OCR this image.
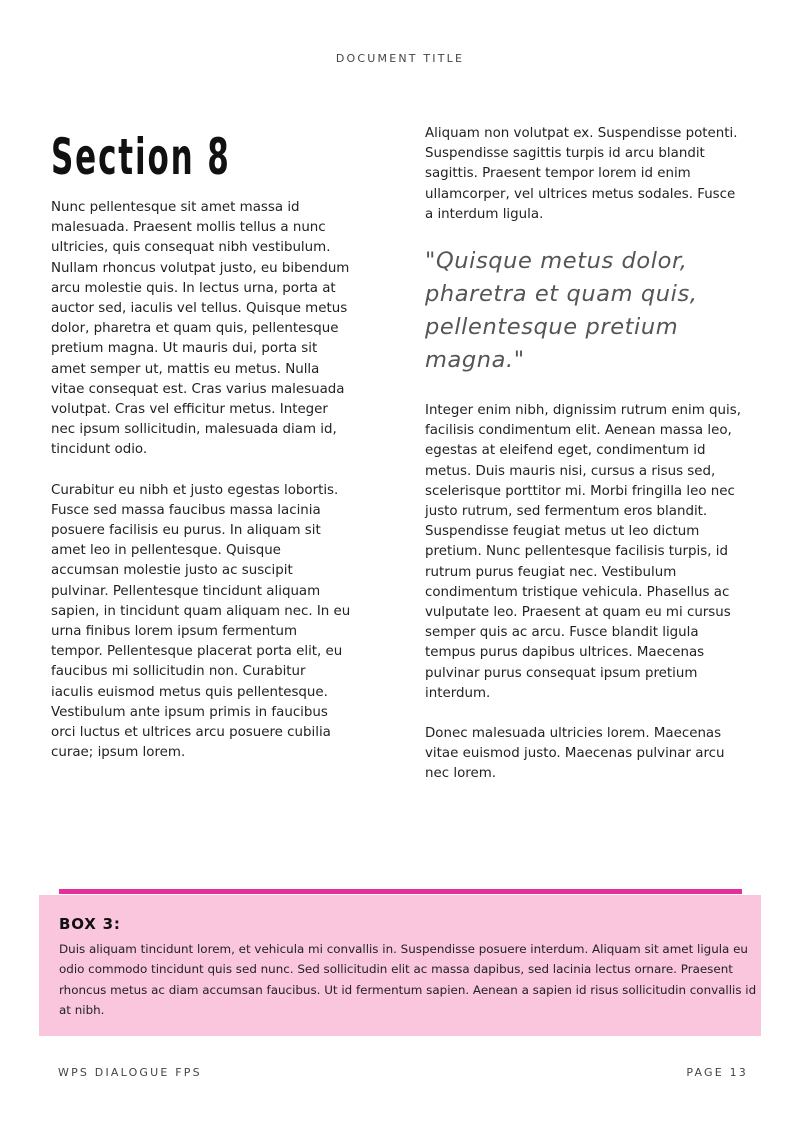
DOCUMENT TITLE
Section 8

Nunc pellentesque sit amet massa id malesuada. Praesent mollis tellus a nunc ultricies, quis consequat nibh vestibulum. Nullam rhoncus volutpat justo, eu bibendum arcu molestie quis. In lectus urna, porta at auctor sed, iaculis vel tellus. Quisque metus dolor, pharetra et quam quis, pellentesque pretium magna. Ut mauris dui, porta sit amet semper ut, mattis eu metus. Nulla vitae consequat est. Cras varius malesuada volutpat. Cras vel efficitur metus. Integer nec ipsum sollicitudin, malesuada diam id, tincidunt odio.

Curabitur eu nibh et justo egestas lobortis. Fusce sed massa faucibus massa lacinia posuere facilisis eu purus. In aliquam sit amet leo in pellentesque. Quisque accumsan molestie justo ac suscipit pulvinar. Pellentesque tincidunt aliquam sapien, in tincidunt quam aliquam nec. In eu urna finibus lorem ipsum fermentum tempor. Pellentesque placerat porta elit, eu faucibus mi sollicitudin non. Curabitur iaculis euismod metus quis pellentesque. Vestibulum ante ipsum primis in faucibus orci luctus et ultrices arcu posuere cubilia curae; ipsum lorem.

Aliquam non volutpat ex. Suspendisse potenti. Suspendisse sagittis turpis id arcu blandit sagittis. Praesent tempor lorem id enim ullamcorper, vel ultrices metus sodales. Fusce a interdum ligula.

"Quisque metus dolor, pharetra et quam quis, pellentesque pretium magna."

Integer enim nibh, dignissim rutrum enim quis, facilisis condimentum elit. Aenean massa leo, egestas at eleifend eget, condimentum id metus. Duis mauris nisi, cursus a risus sed, scelerisque porttitor mi. Morbi fringilla leo nec justo rutrum, sed fermentum eros blandit. Suspendisse feugiat metus ut leo dictum pretium. Nunc pellentesque facilisis turpis, id rutrum purus feugiat nec. Vestibulum condimentum tristique vehicula. Phasellus ac vulputate leo. Praesent at quam eu mi cursus semper quis ac arcu. Fusce blandit ligula tempus purus dapibus ultrices. Maecenas pulvinar purus consequat ipsum pretium interdum.

Donec malesuada ultricies lorem. Maecenas vitae euismod justo. Maecenas pulvinar arcu nec lorem.

BOX 3:
Duis aliquam tincidunt lorem, et vehicula mi convallis in. Suspendisse posuere interdum. Aliquam sit amet ligula eu odio commodo tincidunt quis sed nunc. Sed sollicitudin elit ac massa dapibus, sed lacinia lectus ornare. Praesent rhoncus metus ac diam accumsan faucibus. Ut id fermentum sapien. Aenean a sapien id risus sollicitudin convallis id at nibh.
WPS DIALOGUE FPS	PAGE 13
